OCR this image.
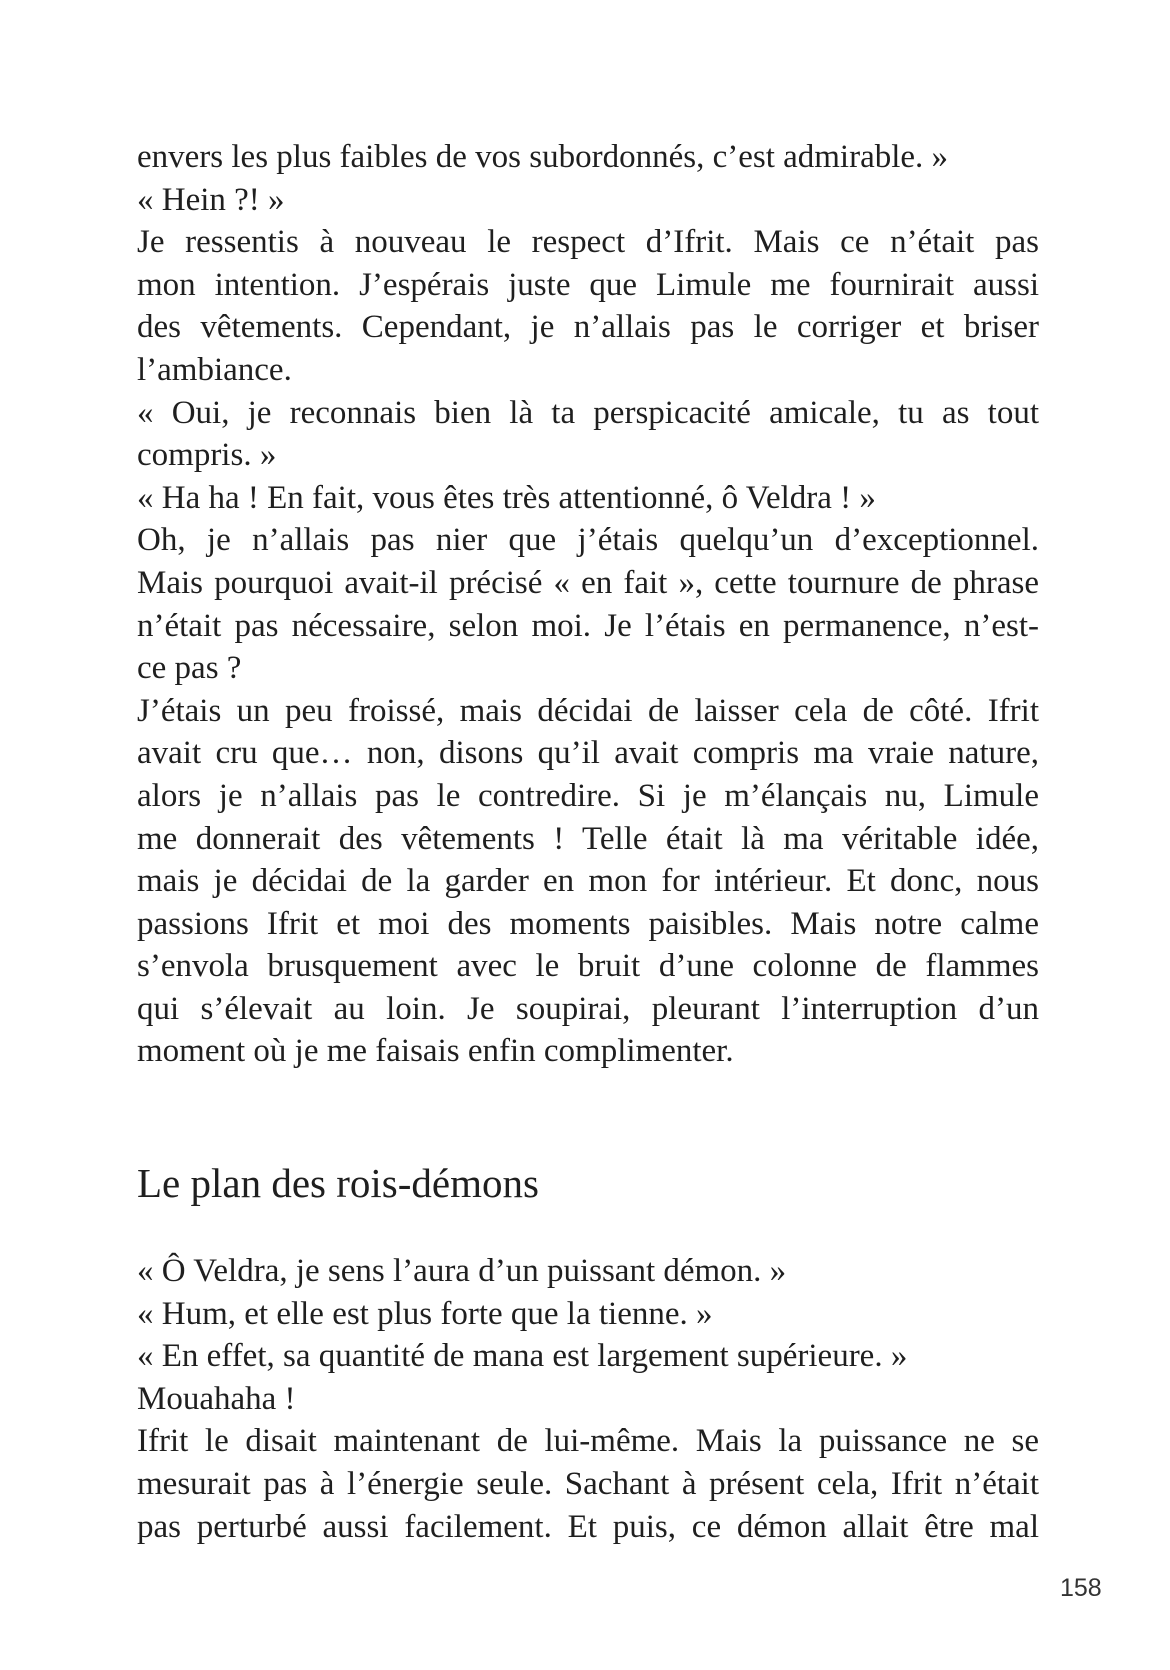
envers les plus faibles de vos subordonnés, c’est admirable. »
« Hein ?! »
Je ressentis à nouveau le respect d’Ifrit. Mais ce n’était pas
mon intention. J’espérais juste que Limule me fournirait aussi
des vêtements. Cependant, je n’allais pas le corriger et briser
l’ambiance.
« Oui, je reconnais bien là ta perspicacité amicale, tu as tout
compris. »
« Ha ha ! En fait, vous êtes très attentionné, ô Veldra ! »
Oh, je n’allais pas nier que j’étais quelqu’un d’exceptionnel.
Mais pourquoi avait-il précisé « en fait », cette tournure de phrase
n’était pas nécessaire, selon moi. Je l’étais en permanence, n’est-
ce pas ?
J’étais un peu froissé, mais décidai de laisser cela de côté. Ifrit
avait cru que… non, disons qu’il avait compris ma vraie nature,
alors je n’allais pas le contredire. Si je m’élançais nu, Limule
me donnerait des vêtements ! Telle était là ma véritable idée,
mais je décidai de la garder en mon for intérieur. Et donc, nous
passions Ifrit et moi des moments paisibles. Mais notre calme
s’envola brusquement avec le bruit d’une colonne de flammes
qui s’élevait au loin. Je soupirai, pleurant l’interruption d’un
moment où je me faisais enfin complimenter.
Le plan des rois-démons
« Ô Veldra, je sens l’aura d’un puissant démon. »
« Hum, et elle est plus forte que la tienne. »
« En effet, sa quantité de mana est largement supérieure. »
Mouahaha !
Ifrit le disait maintenant de lui-même. Mais la puissance ne se
mesurait pas à l’énergie seule. Sachant à présent cela, Ifrit n’était
pas perturbé aussi facilement. Et puis, ce démon allait être mal
158
